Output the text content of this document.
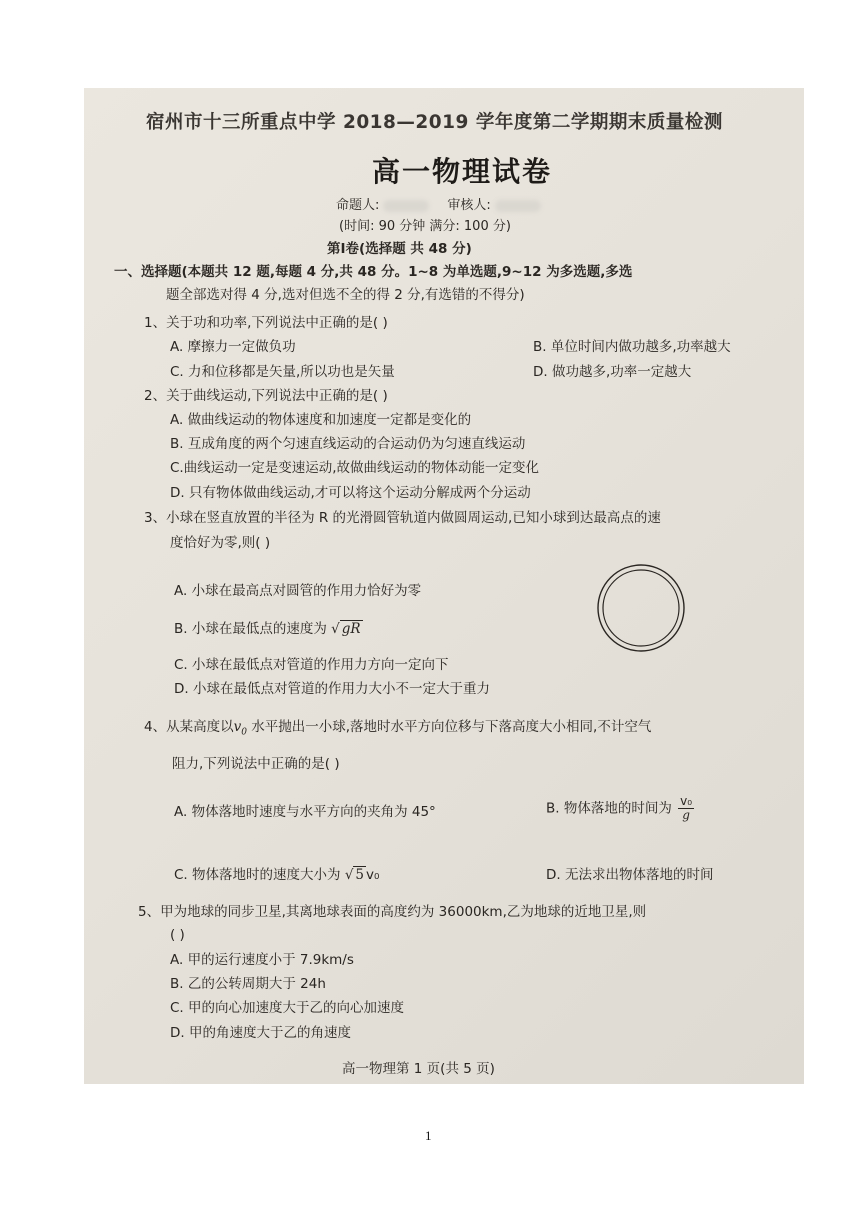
宿州市十三所重点中学 2018—2019 学年度第二学期期末质量检测
高一物理试卷
命题人:	审核人:
(时间: 90 分钟 满分: 100 分)
第Ⅰ卷(选择题 共 48 分)
一、选择题(本题共 12 题,每题 4 分,共 48 分。1~8 为单选题,9~12 为多选题,多选
题全部选对得 4 分,选对但选不全的得 2 分,有选错的不得分)
1、关于功和功率,下列说法中正确的是( )
A. 摩擦力一定做负功	B. 单位时间内做功越多,功率越大
C. 力和位移都是矢量,所以功也是矢量	D. 做功越多,功率一定越大
2、关于曲线运动,下列说法中正确的是( )
A. 做曲线运动的物体速度和加速度一定都是变化的
B. 互成角度的两个匀速直线运动的合运动仍为匀速直线运动
C.曲线运动一定是变速运动,故做曲线运动的物体动能一定变化
D. 只有物体做曲线运动,才可以将这个运动分解成两个分运动
3、小球在竖直放置的半径为 R 的光滑圆管轨道内做圆周运动,已知小球到达最高点的速
度恰好为零,则( )
A. 小球在最高点对圆管的作用力恰好为零
B. 小球在最低点的速度为 √ gR
C. 小球在最低点对管道的作用力方向一定向下
D. 小球在最低点对管道的作用力大小不一定大于重力
4、从某高度以$v_0$ 水平抛出一小球,落地时水平方向位移与下落高度大小相同,不计空气
阻力,下列说法中正确的是( )
A. 物体落地时速度与水平方向的夹角为 45°	B. 物体落地的时间为 $\frac{\text{v₀}}{g}$
C. 物体落地时的速度大小为 √ 5 v₀	D. 无法求出物体落地的时间
5、甲为地球的同步卫星,其离地球表面的高度约为 36000km,乙为地球的近地卫星,则
( )
A. 甲的运行速度小于 7.9km/s
B. 乙的公转周期大于 24h
C. 甲的向心加速度大于乙的向心加速度
D. 甲的角速度大于乙的角速度
高一物理第 1 页(共 5 页)
1
